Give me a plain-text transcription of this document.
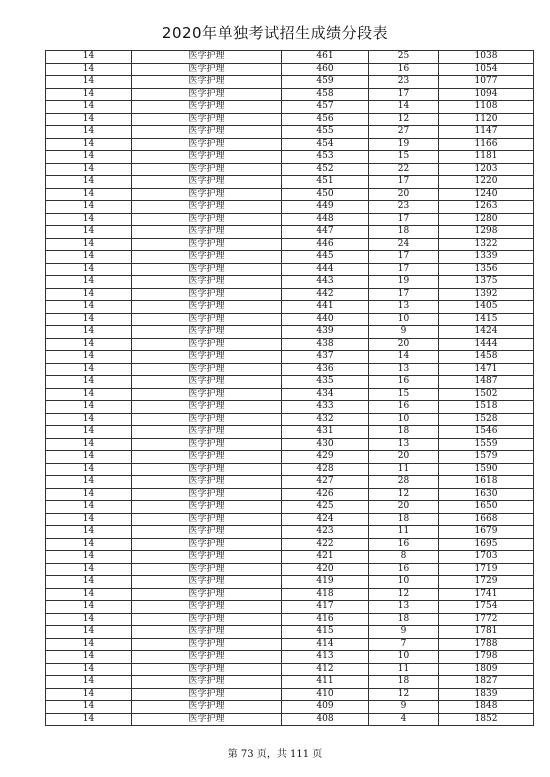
2020年单独考试招生成绩分段表
14	医学护理	461	25	1038
14	医学护理	460	16	1054
14	医学护理	459	23	1077
14	医学护理	458	17	1094
14	医学护理	457	14	1108
14	医学护理	456	12	1120
14	医学护理	455	27	1147
14	医学护理	454	19	1166
14	医学护理	453	15	1181
14	医学护理	452	22	1203
14	医学护理	451	17	1220
14	医学护理	450	20	1240
14	医学护理	449	23	1263
14	医学护理	448	17	1280
14	医学护理	447	18	1298
14	医学护理	446	24	1322
14	医学护理	445	17	1339
14	医学护理	444	17	1356
14	医学护理	443	19	1375
14	医学护理	442	17	1392
14	医学护理	441	13	1405
14	医学护理	440	10	1415
14	医学护理	439	9	1424
14	医学护理	438	20	1444
14	医学护理	437	14	1458
14	医学护理	436	13	1471
14	医学护理	435	16	1487
14	医学护理	434	15	1502
14	医学护理	433	16	1518
14	医学护理	432	10	1528
14	医学护理	431	18	1546
14	医学护理	430	13	1559
14	医学护理	429	20	1579
14	医学护理	428	11	1590
14	医学护理	427	28	1618
14	医学护理	426	12	1630
14	医学护理	425	20	1650
14	医学护理	424	18	1668
14	医学护理	423	11	1679
14	医学护理	422	16	1695
14	医学护理	421	8	1703
14	医学护理	420	16	1719
14	医学护理	419	10	1729
14	医学护理	418	12	1741
14	医学护理	417	13	1754
14	医学护理	416	18	1772
14	医学护理	415	9	1781
14	医学护理	414	7	1788
14	医学护理	413	10	1798
14	医学护理	412	11	1809
14	医学护理	411	18	1827
14	医学护理	410	12	1839
14	医学护理	409	9	1848
14	医学护理	408	4	1852
第 73 页，共 111 页
